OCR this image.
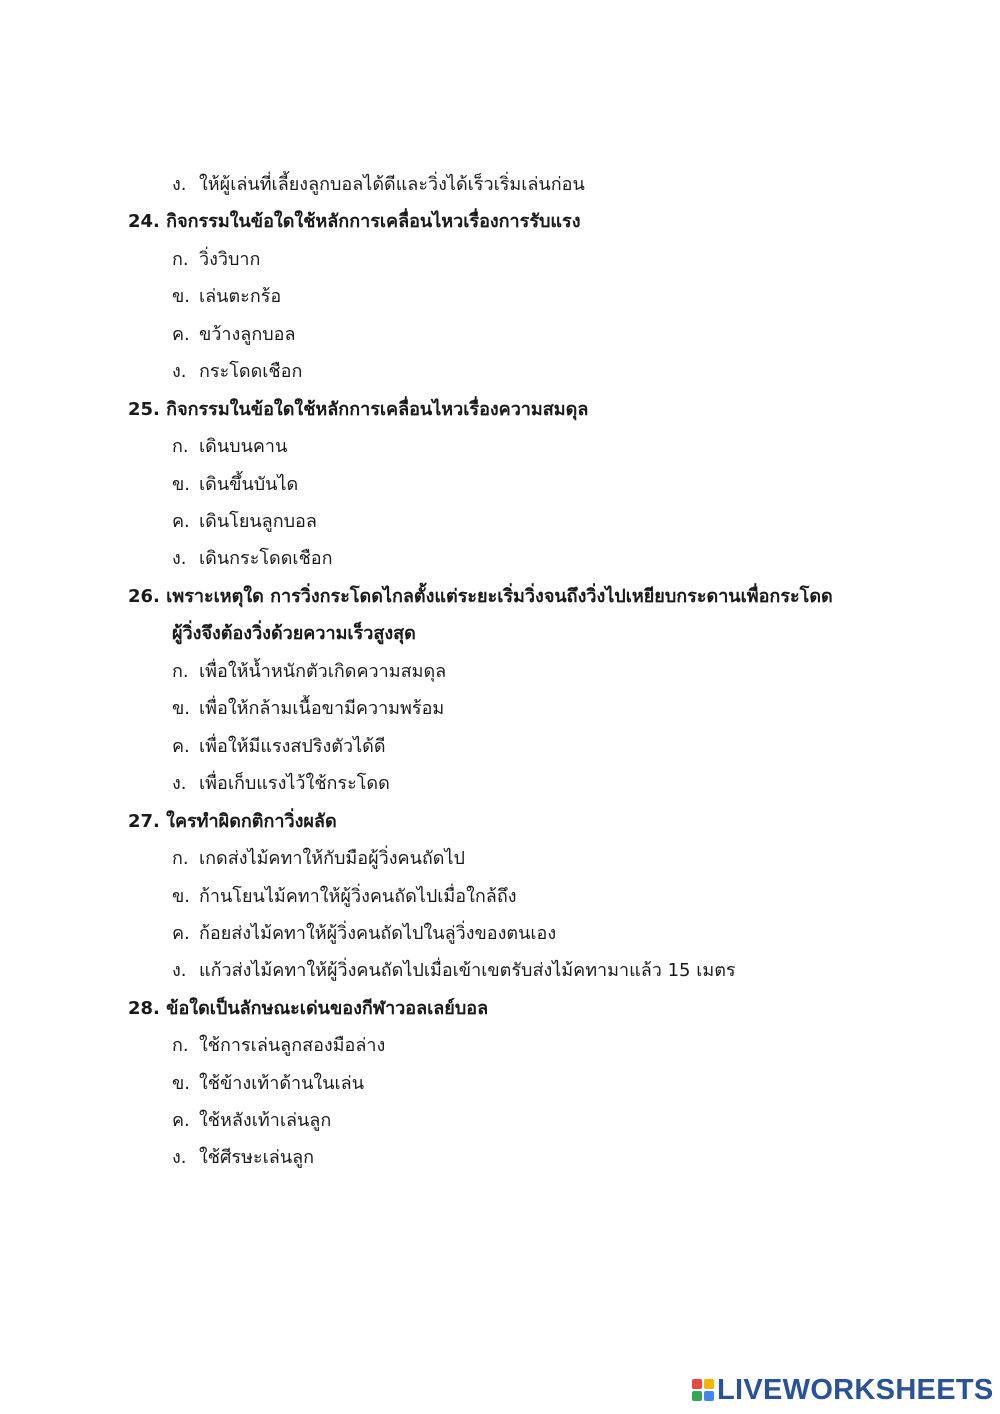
ง. ให้ผู้เล่นที่เลี้ยงลูกบอลได้ดีและวิ่งได้เร็วเริ่มเล่นก่อน
24. กิจกรรมในข้อใดใช้หลักการเคลื่อนไหวเรื่องการรับแรง
ก. วิ่งวิบาก
ข. เล่นตะกร้อ
ค. ขว้างลูกบอล
ง. กระโดดเชือก
25. กิจกรรมในข้อใดใช้หลักการเคลื่อนไหวเรื่องความสมดุล
ก. เดินบนคาน
ข. เดินขึ้นบันได
ค. เดินโยนลูกบอล
ง. เดินกระโดดเชือก
26. เพราะเหตุใด การวิ่งกระโดดไกลตั้งแต่ระยะเริ่มวิ่งจนถึงวิ่งไปเหยียบกระดานเพื่อกระโดด
ผู้วิ่งจึงต้องวิ่งด้วยความเร็วสูงสุด
ก. เพื่อให้น้ำหนักตัวเกิดความสมดุล
ข. เพื่อให้กล้ามเนื้อขามีความพร้อม
ค. เพื่อให้มีแรงสปริงตัวได้ดี
ง. เพื่อเก็บแรงไว้ใช้กระโดด
27. ใครทำผิดกติกาวิ่งผลัด
ก. เกดส่งไม้คทาให้กับมือผู้วิ่งคนถัดไป
ข. ก้านโยนไม้คทาให้ผู้วิ่งคนถัดไปเมื่อใกล้ถึง
ค. ก้อยส่งไม้คทาให้ผู้วิ่งคนถัดไปในลู่วิ่งของตนเอง
ง. แก้วส่งไม้คทาให้ผู้วิ่งคนถัดไปเมื่อเข้าเขตรับส่งไม้คทามาแล้ว 15 เมตร
28. ข้อใดเป็นลักษณะเด่นของกีฬาวอลเลย์บอล
ก. ใช้การเล่นลูกสองมือล่าง
ข. ใช้ข้างเท้าด้านในเล่น
ค. ใช้หลังเท้าเล่นลูก
ง. ใช้ศีรษะเล่นลูก
LIVEWORKSHEETS
